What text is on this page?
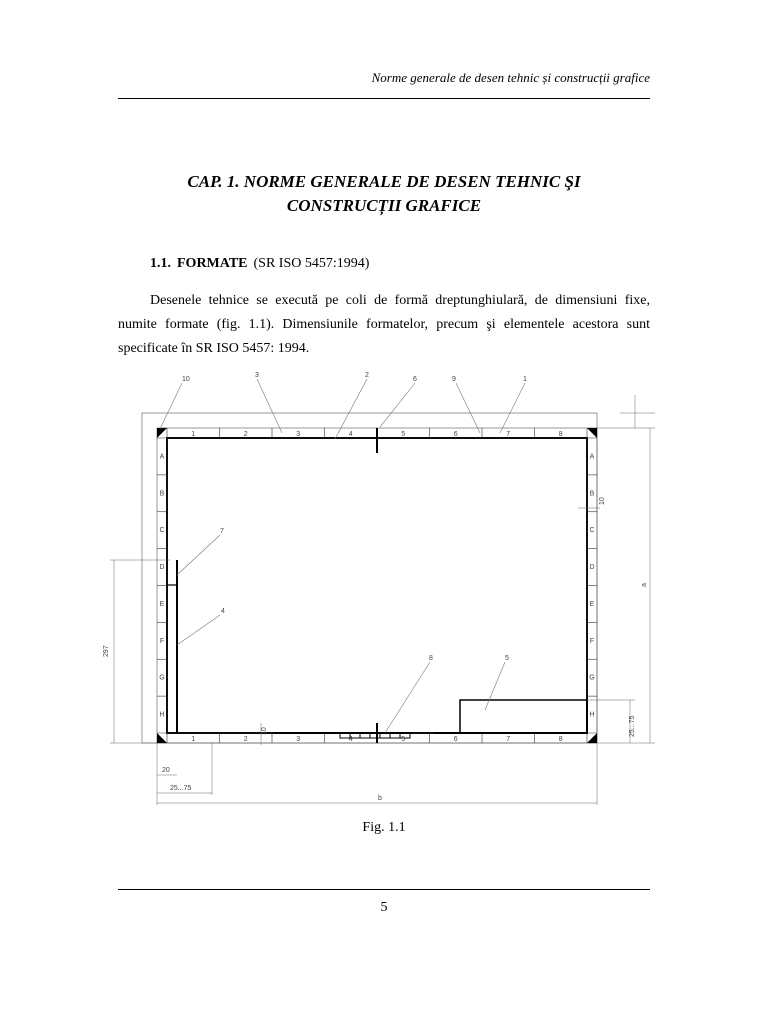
Norme generale de desen tehnic și construcții grafice
CAP. 1. NORME GENERALE DE DESEN TEHNIC ŞI
CONSTRUCȚII GRAFICE
1.1. FORMATE (SR ISO 5457:1994)

Desenele tehnice se execută pe coli de formă dreptunghiulară, de dimensiuni fixe, numite formate (fig. 1.1). Dimensiunile formatelor, precum şi elementele acestora sunt specificate în SR ISO 5457: 1994.

1	2	3	4	5	6	7	8
1	2	3	4	5	6	7	8
A
B
C
D
E
F
G
H
A
B
C
D
E
F
G
H
10
3	2
6	9	1
7
4
8	5
297
a
b
20
25...75
25...75
10
10
Fig. 1.1
5
